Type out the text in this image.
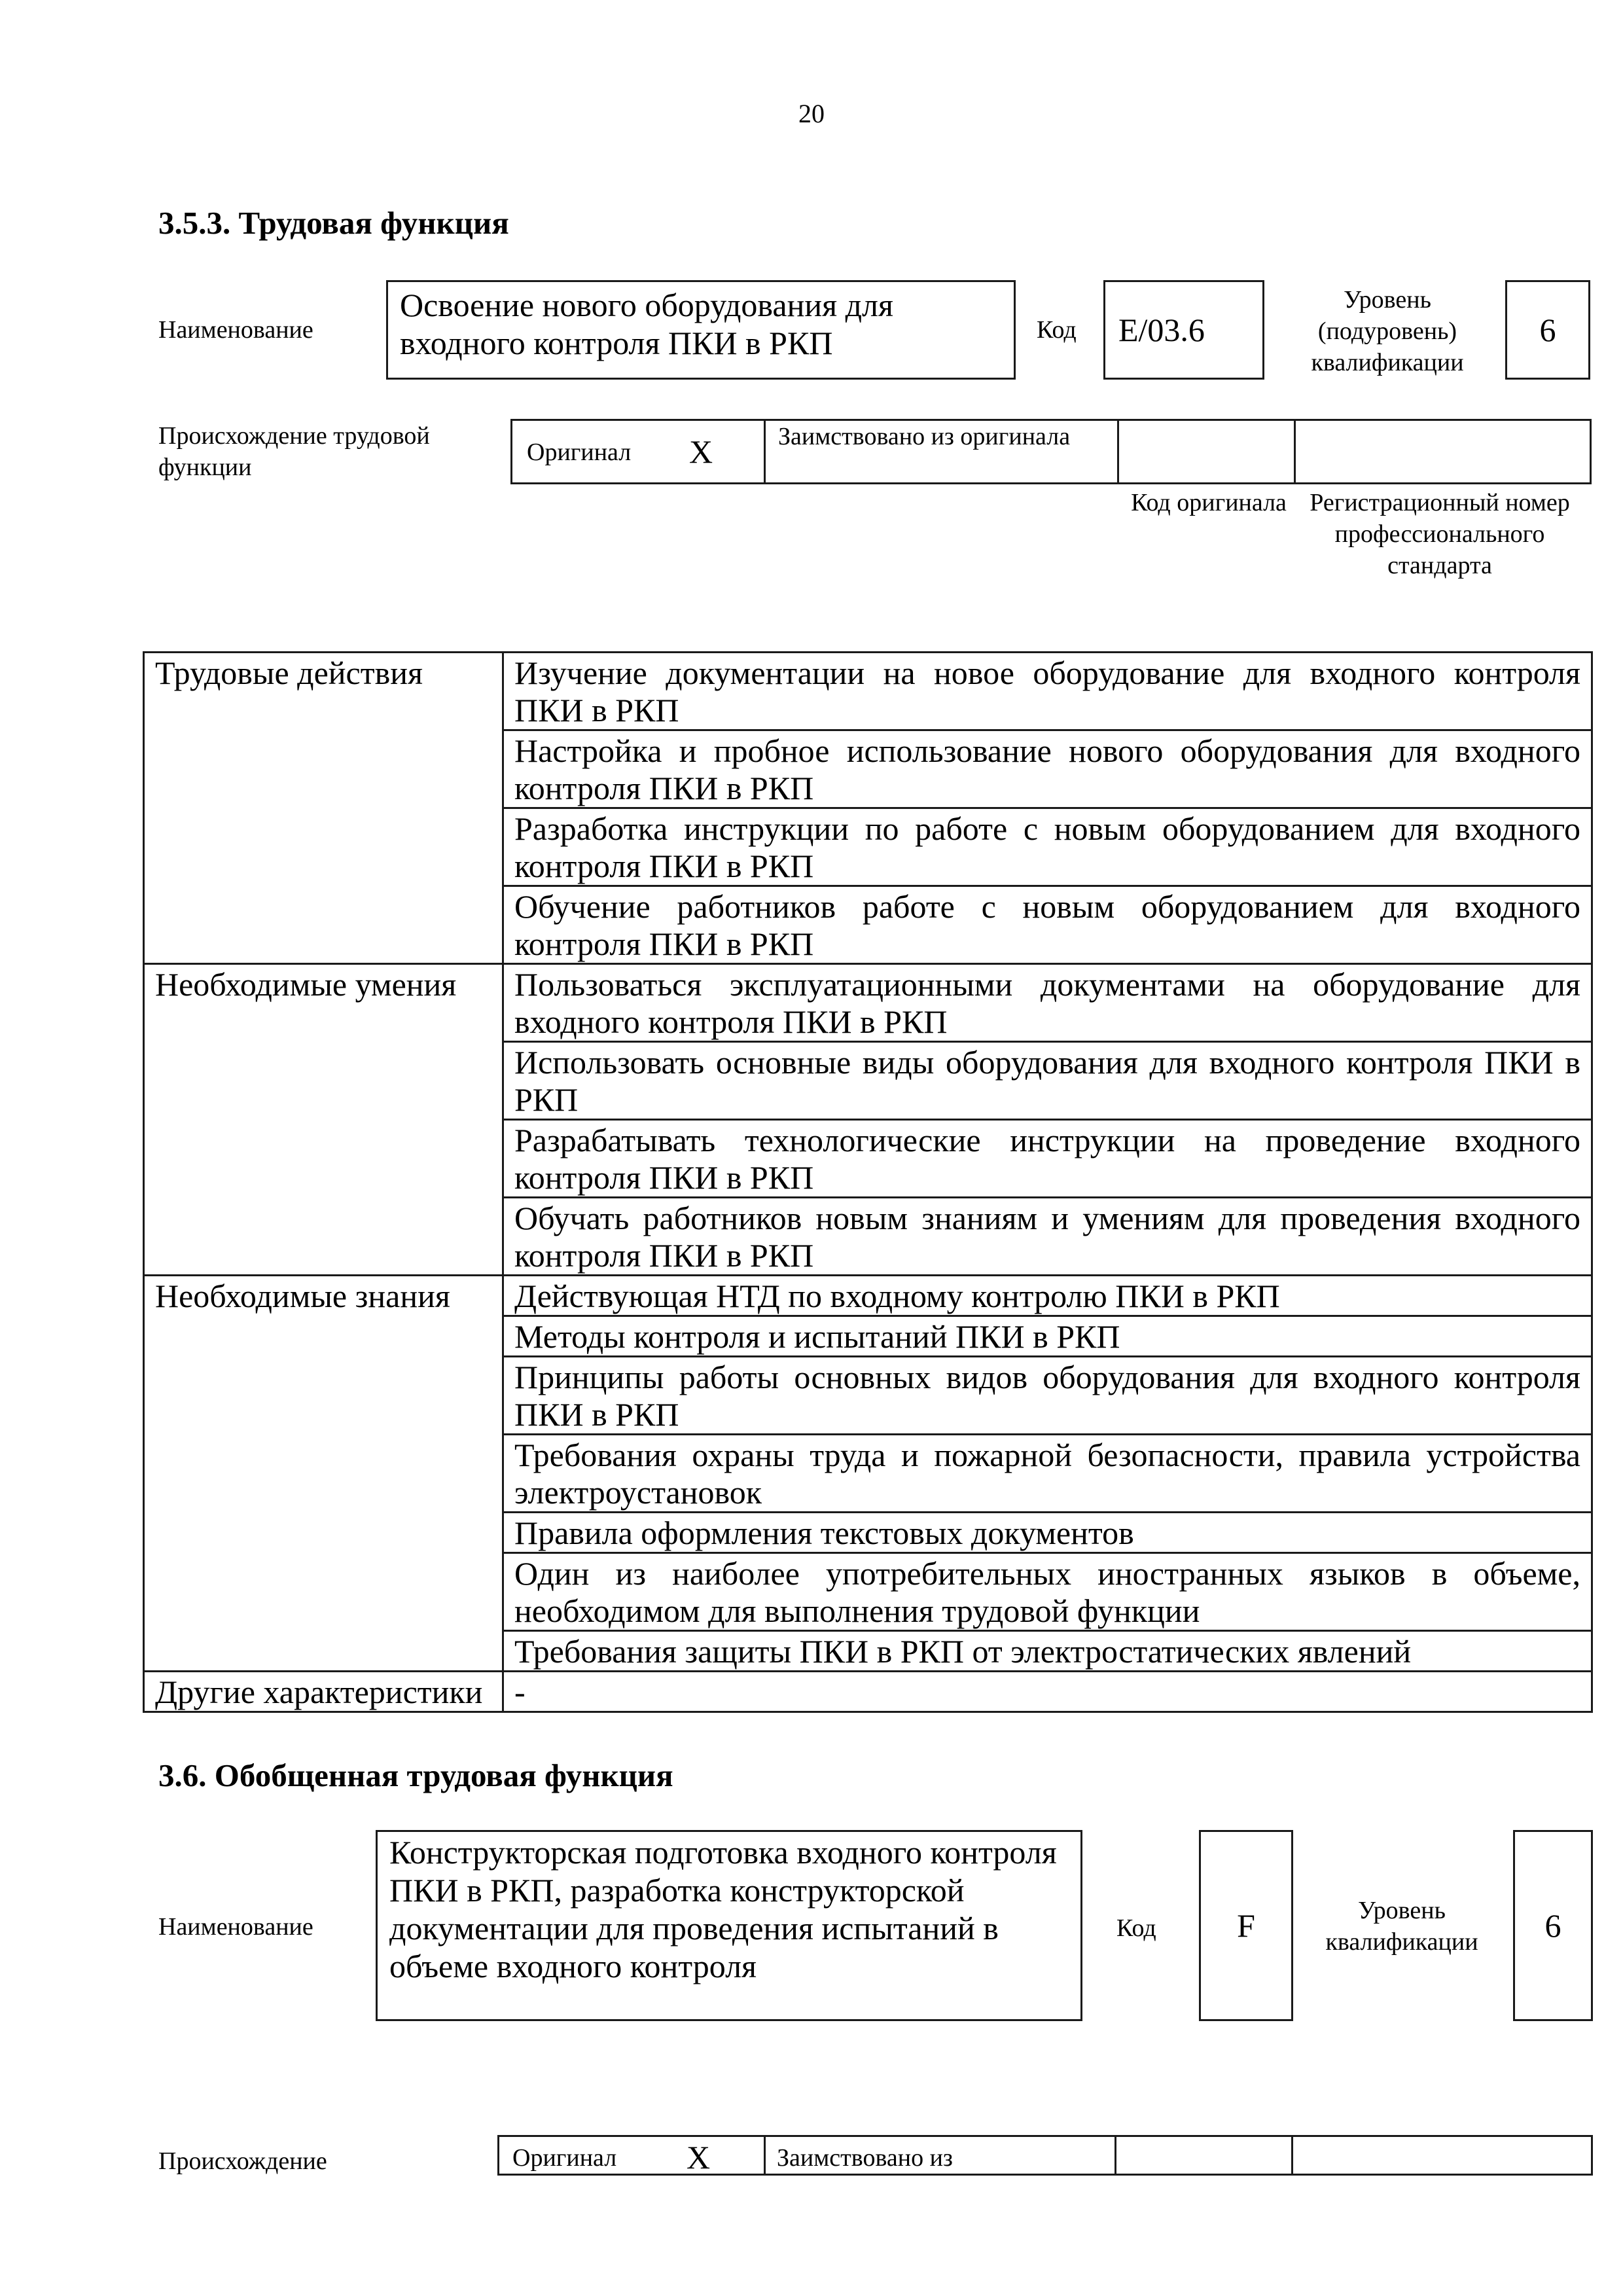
20
3.5.3. Трудовая функция
Наименование
Освоение нового оборудования для входного контроля ПКИ в РКП	Код E/03.6
Уровень (подуровень) квалификации
6
Происхождение трудовой функции
Оригинал X	Заимствовано из оригинала
Код оригинала Регистрационный номер профессионального стандарта
Трудовые действия	Изучение документации на новое оборудование для входного контроля ПКИ в РКП
	Настройка и пробное использование нового оборудования для входного контроля ПКИ в РКП
	Разработка инструкции по работе с новым оборудованием для входного контроля ПКИ в РКП
	Обучение работников работе с новым оборудованием для входного контроля ПКИ в РКП
Необходимые умения	Пользоваться эксплуатационными документами на оборудование для входного контроля ПКИ в РКП
	Использовать основные виды оборудования для входного контроля ПКИ в РКП
	Разрабатывать технологические инструкции на проведение входного контроля ПКИ в РКП
	Обучать работников новым знаниям и умениям для проведения входного контроля ПКИ в РКП
Необходимые знания	Действующая НТД по входному контролю ПКИ в РКП
	Методы контроля и испытаний ПКИ в РКП
	Принципы работы основных видов оборудования для входного контроля ПКИ в РКП
	Требования охраны труда и пожарной безопасности, правила устройства электроустановок
	Правила оформления текстовых документов
	Один из наиболее употребительных иностранных языков в объеме, необходимом для выполнения трудовой функции
	Требования защиты ПКИ в РКП от электростатических явлений
Другие характеристики	-
3.6. Обобщенная трудовая функция
Наименование
Конструкторская подготовка входного контроля ПКИ в РКП, разработка конструкторской документации для проведения испытаний в объеме входного контроля
Код F	Уровень квалификации	6
Происхождение	Оригинал X	Заимствовано из
